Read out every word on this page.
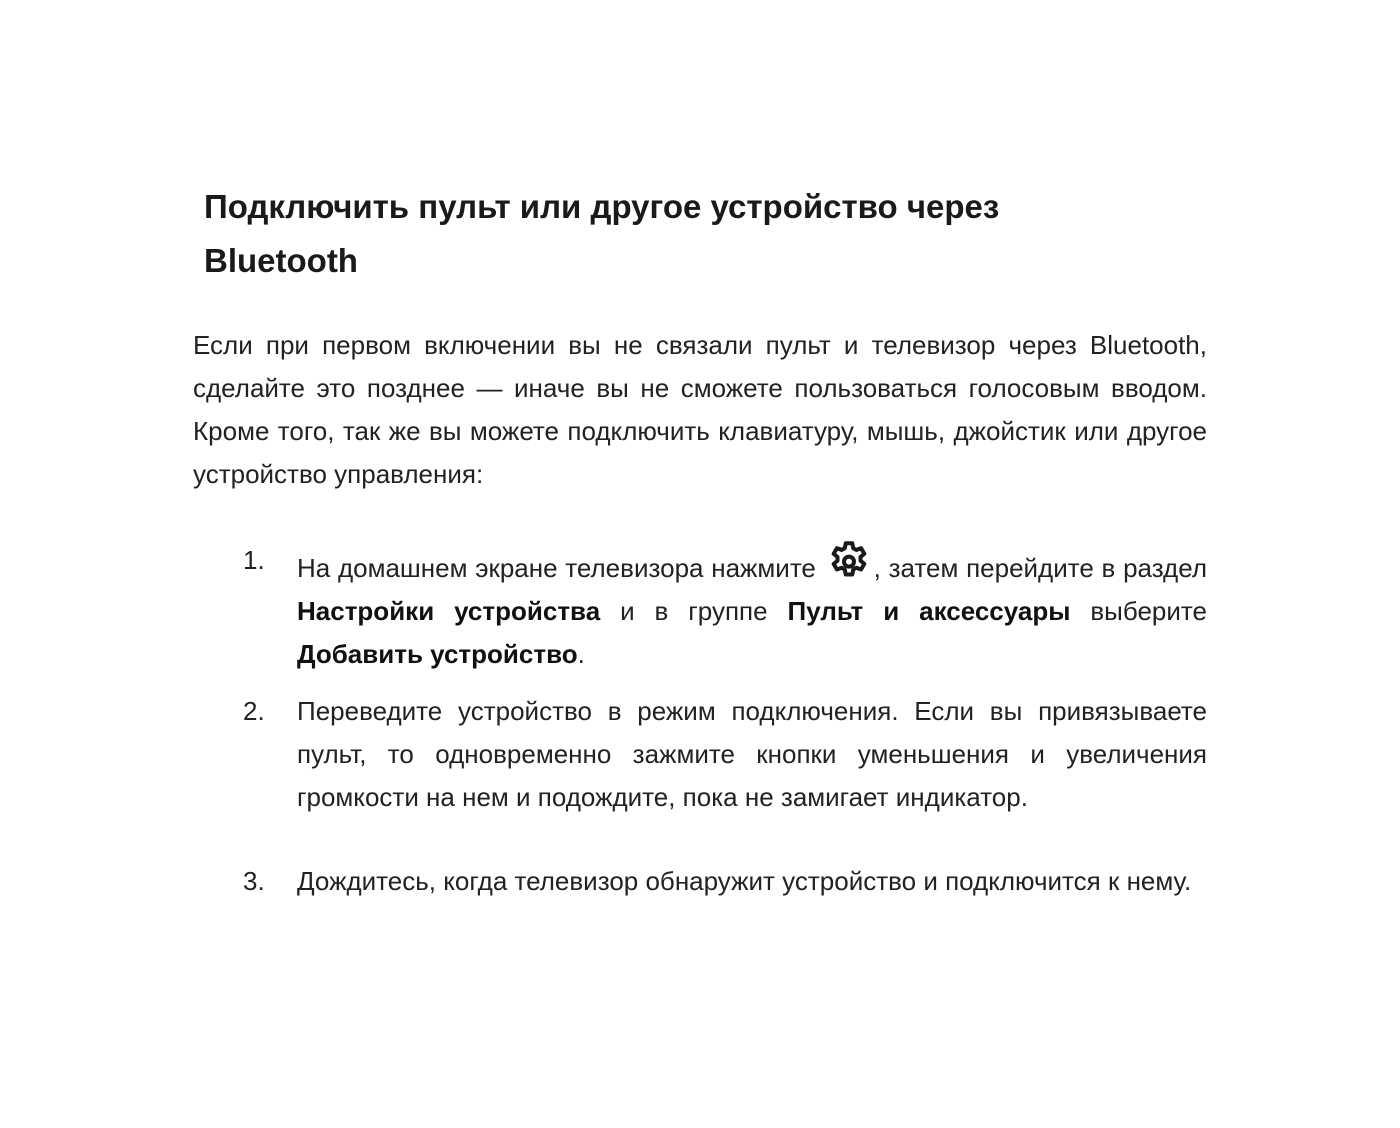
Подключить пульт или другое устройство через Bluetooth

Если при первом включении вы не связали пульт и телевизор через Bluetooth, сделайте это позднее — иначе вы не сможете пользоваться голосовым вводом. Кроме того, так же вы можете подключить клавиатуру, мышь, джойстик или другое устройство управления:

1. На домашнем экране телевизора нажмите , затем перейдите в раздел Настройки устройства и в группе Пульт и аксессуары выберите Добавить устройство.

2. Переведите устройство в режим подключения. Если вы привязываете пульт, то одновременно зажмите кнопки уменьшения и увеличения громкости на нем и подождите, пока не замигает индикатор.

3. Дождитесь, когда телевизор обнаружит устройство и подключится к нему.
